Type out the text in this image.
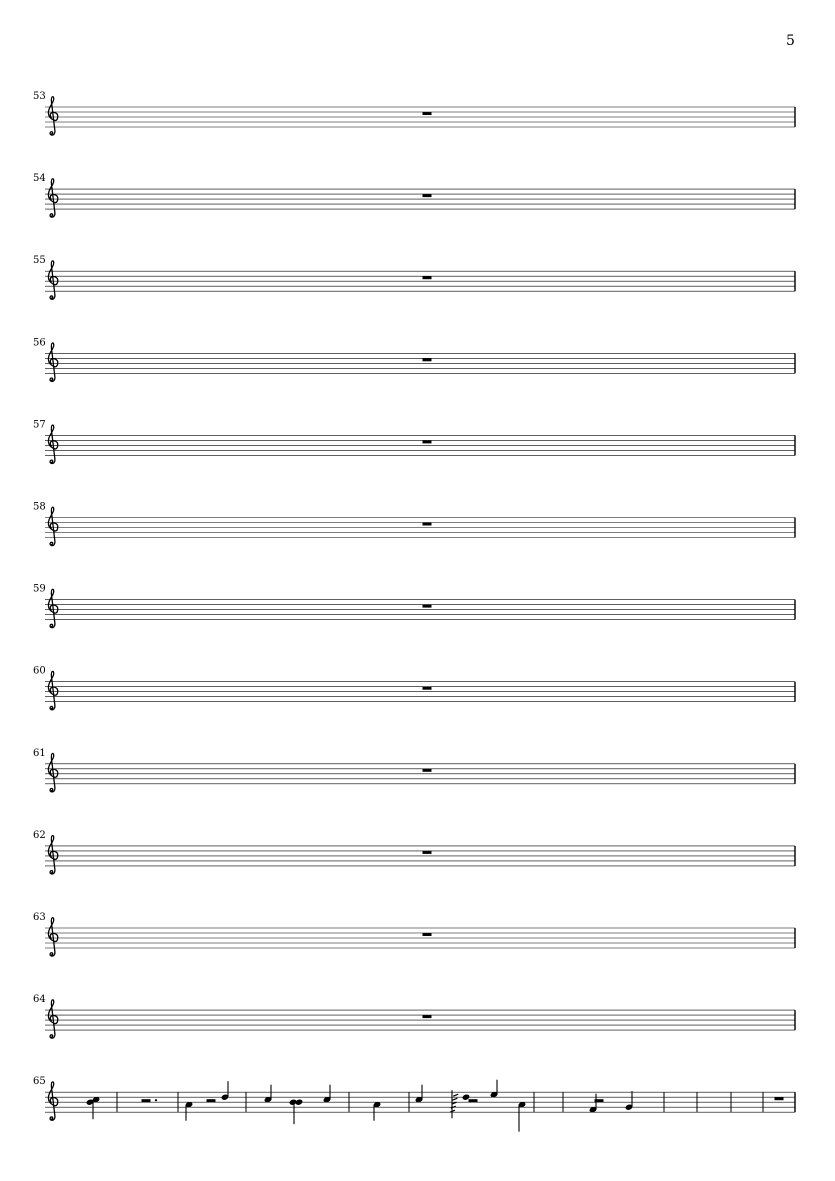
5
53
54
55
56
57
58
59
60
61
62
63
64
65
